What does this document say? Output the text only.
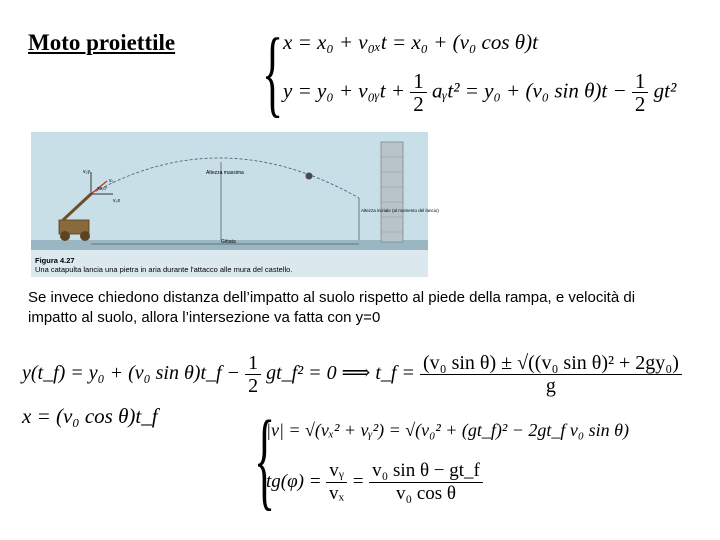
Moto proiettile { x = x₀ + v₀ₓt = x₀ + (v₀ cos θ)t
y = y₀ + v₀ᵧt + $\frac{1}{2}$ aᵧt² = y₀ + (v₀ $\sin \theta)t - \frac{1}{2} gt^2$
v₀y
v₀
30,0°
v₀x
Altezza massima
Altezza iniziale (al momento del lancio)
Gittata
Figura 4.27
Una catapulta lancia una pietra in aria durante l'attacco alle mura del castello.
Se invece chiedono distanza dell’impatto al suolo rispetto al piede della rampa, e velocità di impatto al suolo, allora l’intersezione va fatta con y=0
y(t_f) = y₀ + (v₀ sin θ)t_f − $\frac{1}{2}$ gt_f² = 0 ⟹ t_f = $\frac{\text{(v₀ sin θ) ± √((v₀ sin θ)² + 2gy₀)}}{g}$
x = (v₀ cos θ)t_f {
|v| = √(vₓ² + vᵧ²) = √(v₀² + (gt_f)² − 2gt_f v₀ sin θ)
$tg(\varphi) = \frac{\text{vᵧ}}{\text{vₓ}} = \frac{\text{v₀ sin θ − gt\_f}}{\text{v₀ cos θ}}$
